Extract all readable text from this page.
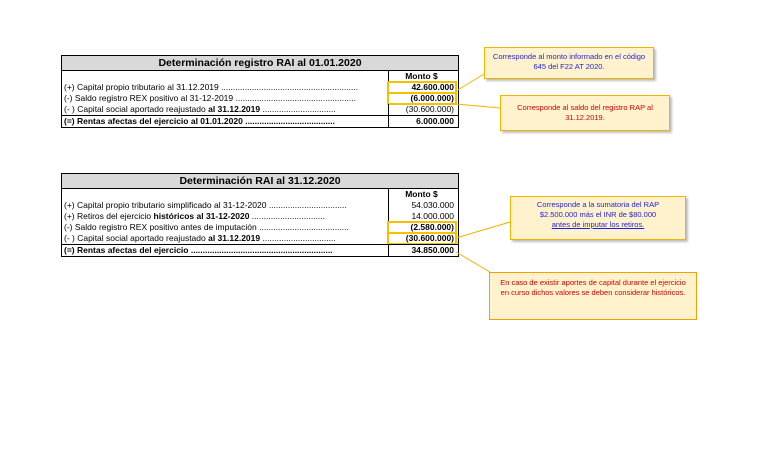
Determinación registro RAI al 01.01.2020
Monto $
(+) Capital propio tributario al 31.12.2019 ..........................................................	42.600.000
(-) Saldo registro REX positivo al 31-12-2019 ...................................................	(6.000.000)
(- ) Capital social aportado reajustado al 31.12.2019 ...............................	(30.600.000)
(=) Rentas afectas del ejercicio al 01.01.2020 ......................................	6.000.000
Determinación RAI al 31.12.2020
Monto $
(+) Capital propio tributario simplificado al 31-12-2020 .................................	54.030.000
(+) Retiros del ejercicio históricos al 31-12-2020 ...............................	14.000.000
(-) Saldo registro REX positivo antes de imputación ......................................	(2.580.000)
(- ) Capital social aportado reajustado al 31.12.2019 ...............................	(30.600.000)
(=) Rentas afectas del ejercicio ............................................................	34.850.000
Corresponde al monto informado en el código 645 del F22 AT 2020.
Corresponde al saldo del registro RAP al 31.12.2019.
Corresponde a la sumatoria del RAP
$2.500.000 más el INR de $80.000
antes de imputar los retiros.
En caso de existir aportes de capital durante el ejercicio en curso dichos valores se deben considerar históricos.
